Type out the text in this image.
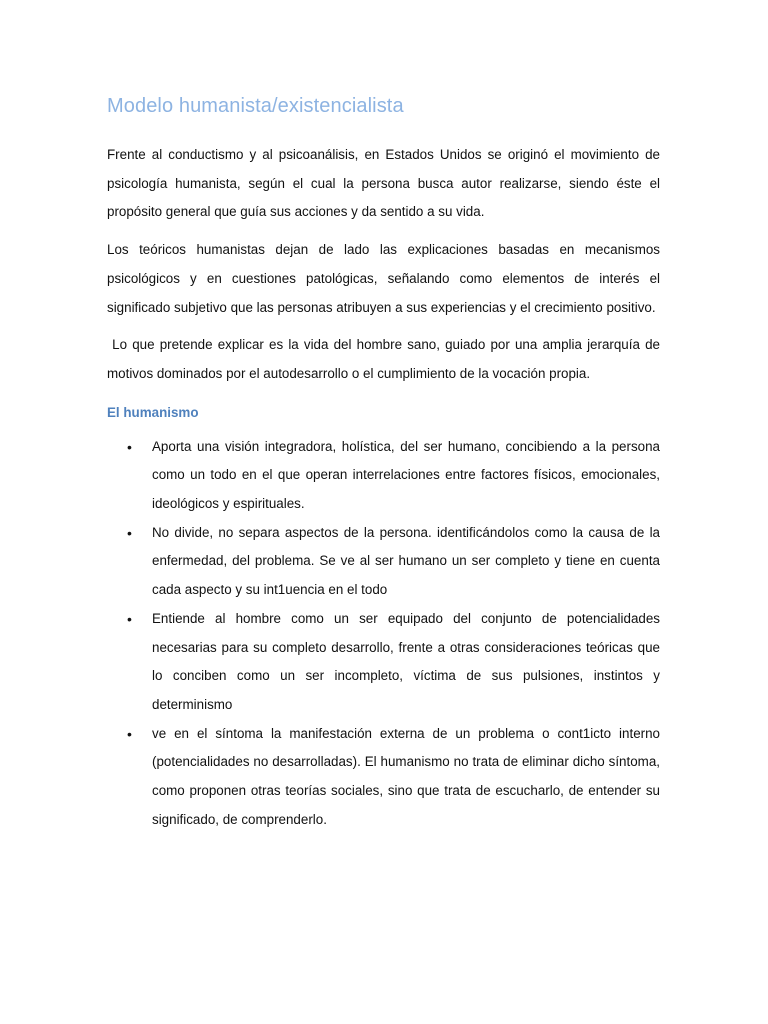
Modelo humanista/existencialista

Frente al conductismo y al psicoanálisis, en Estados Unidos se originó el movimiento de psicología humanista, según el cual la persona busca autor realizarse, siendo éste el propósito general que guía sus acciones y da sentido a su vida.

Los teóricos humanistas dejan de lado las explicaciones basadas en mecanismos psicológicos y en cuestiones patológicas, señalando como elementos de interés el significado subjetivo que las personas atribuyen a sus experiencias y el crecimiento positivo.

Lo que pretende explicar es la vida del hombre sano, guiado por una amplia jerarquía de motivos dominados por el autodesarrollo o el cumplimiento de la vocación propia.

El humanismo
• Aporta una visión integradora, holística, del ser humano, concibiendo a la persona como un todo en el que operan interrelaciones entre factores físicos, emocionales, ideológicos y espirituales.
• No divide, no separa aspectos de la persona. identificándolos como la causa de la enfermedad, del problema. Se ve al ser humano un ser completo y tiene en cuenta cada aspecto y su int1uencia en el todo
• Entiende al hombre como un ser equipado del conjunto de potencialidades necesarias para su completo desarrollo, frente a otras consideraciones teóricas que lo conciben como un ser incompleto, víctima de sus pulsiones, instintos y determinismo
• ve en el síntoma la manifestación externa de un problema o cont1icto interno (potencialidades no desarrolladas). El humanismo no trata de eliminar dicho síntoma, como proponen otras teorías sociales, sino que trata de escucharlo, de entender su significado, de comprenderlo.
